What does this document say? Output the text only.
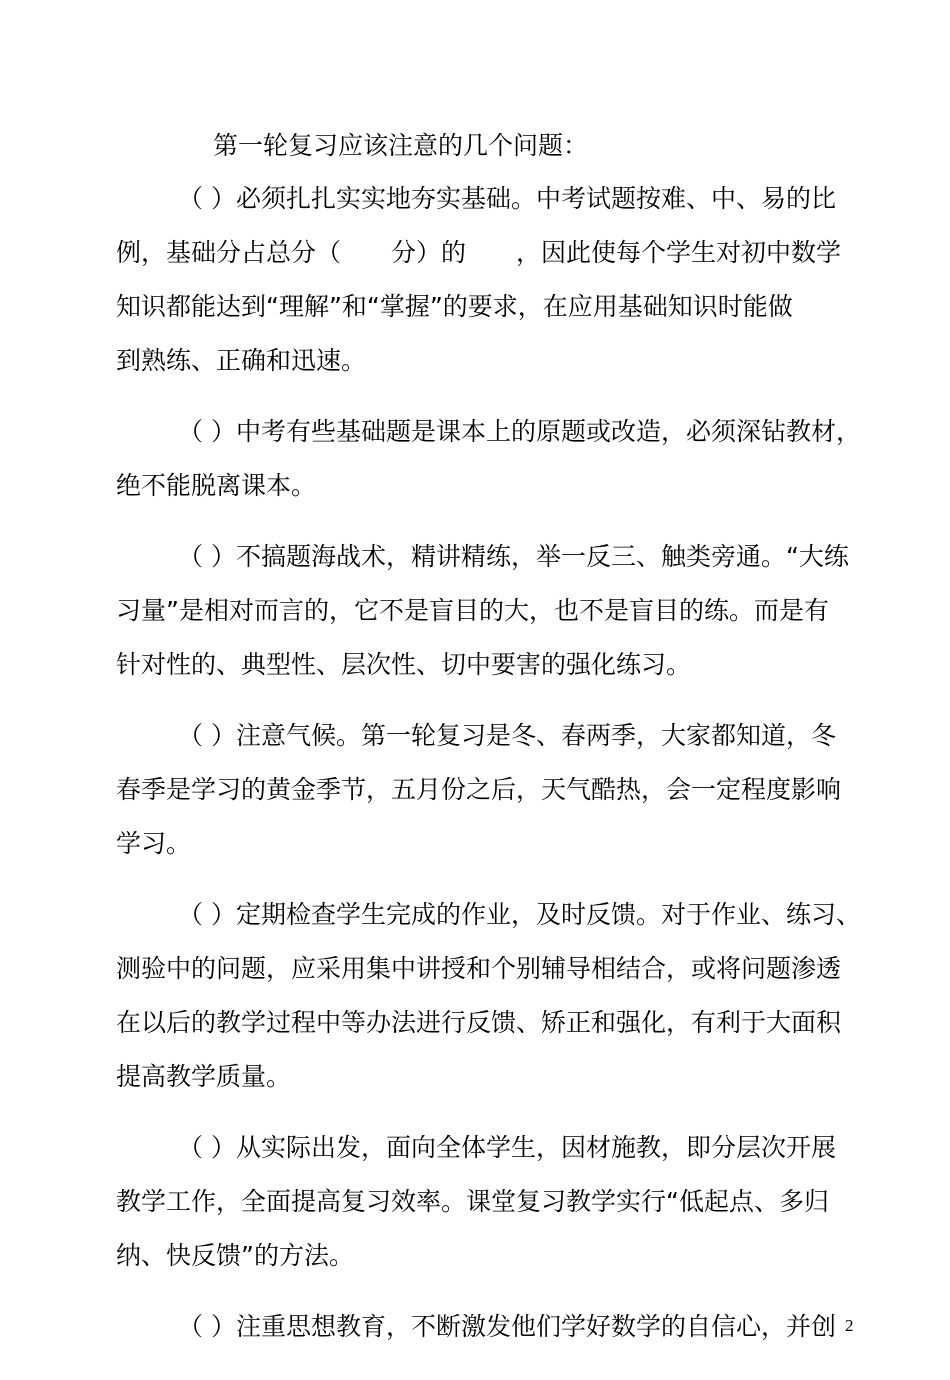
第一轮复习应该注意的几个问题：
（ ）必须扎扎实实地夯实基础。中考试题按难、中、易的比
例，基础分占总分（　　分）的　　，因此使每个学生对初中数学
知识都能达到“理解”和“掌握”的要求，在应用基础知识时能做
到熟练、正确和迅速。
（ ）中考有些基础题是课本上的原题或改造，必须深钻教材，
绝不能脱离课本。
（ ）不搞题海战术，精讲精练，举一反三、触类旁通。“大练
习量”是相对而言的，它不是盲目的大，也不是盲目的练。而是有
针对性的、典型性、层次性、切中要害的强化练习。
（ ）注意气候。第一轮复习是冬、春两季，大家都知道，冬
春季是学习的黄金季节，五月份之后，天气酷热，会一定程度影响
学习。
（ ）定期检查学生完成的作业，及时反馈。对于作业、练习、
测验中的问题，应采用集中讲授和个别辅导相结合，或将问题渗透
在以后的教学过程中等办法进行反馈、矫正和强化，有利于大面积
提高教学质量。
（ ）从实际出发，面向全体学生，因材施教，即分层次开展
教学工作，全面提高复习效率。课堂复习教学实行“低起点、多归
纳、快反馈”的方法。
（ ）注重思想教育，不断激发他们学好数学的自信心，并创 2
